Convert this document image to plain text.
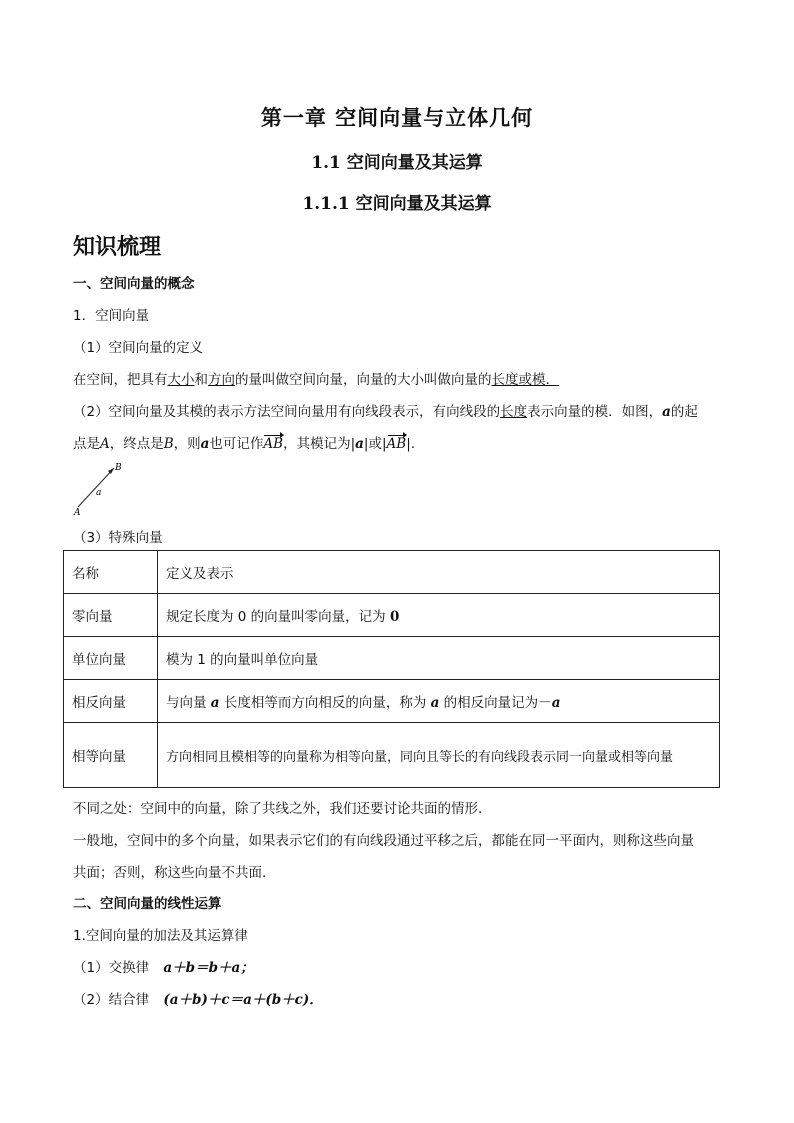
第一章 空间向量与立体几何
1.1 空间向量及其运算
1.1.1 空间向量及其运算
知识梳理
一、空间向量的概念
1．空间向量
（1）空间向量的定义
在空间，把具有大小和方向的量叫做空间向量，向量的大小叫做向量的长度或模．
（2）空间向量及其模的表示方法空间向量用有向线段表示，有向线段的长度表示向量的模．如图，a的起
点是A，终点是B，则a也可记作AB，其模记为|a|或|AB|.
B
a
A
（3）特殊向量
名称	定义及表示
零向量	规定长度为 0 的向量叫零向量，记为 0
单位向量	模为 1 的向量叫单位向量
相反向量	与向量 a 长度相等而方向相反的向量，称为 a 的相反向量记为－a
相等向量	方向相同且模相等的向量称为相等向量，同向且等长的有向线段表示同一向量或相等向量
不同之处：空间中的向量，除了共线之外，我们还要讨论共面的情形.
一般地，空间中的多个向量，如果表示它们的有向线段通过平移之后，都能在同一平面内，则称这些向量
共面；否则，称这些向量不共面.
二、空间向量的线性运算
1.空间向量的加法及其运算律
（1）交换律 a＋b＝b＋a；
（2）结合律 (a＋b)＋c＝a＋(b＋c)．
